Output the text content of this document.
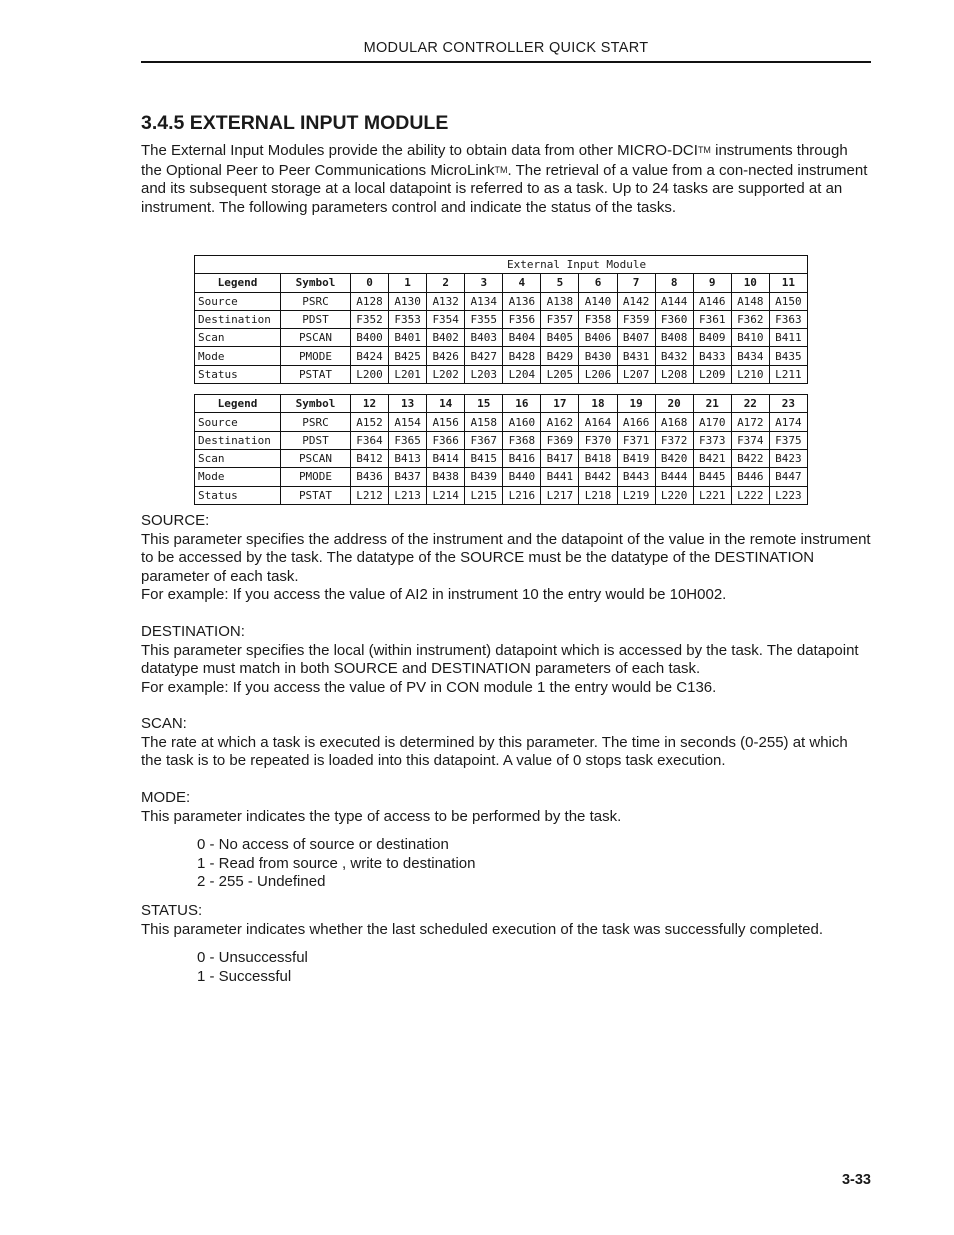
MODULAR CONTROLLER QUICK START
3.4.5 EXTERNAL INPUT MODULE

The External Input Modules provide the ability to obtain data from other MICRO-DCITM instruments through the Optional Peer to Peer Communications MicroLinkTM. The retrieval of a value from a con-nected instrument and its subsequent storage at a local datapoint is referred to as a task. Up to 24 tasks are supported at an instrument. The following parameters control and indicate the status of the tasks.

External Input Module													
Legend	Symbol	0	1	2	3	4	5	6	7	8	9	10	11
Source	PSRC	A128	A130	A132	A134	A136	A138	A140	A142	A144	A146	A148	A150
Destination	PDST	F352	F353	F354	F355	F356	F357	F358	F359	F360	F361	F362	F363
Scan	PSCAN	B400	B401	B402	B403	B404	B405	B406	B407	B408	B409	B410	B411
Mode	PMODE	B424	B425	B426	B427	B428	B429	B430	B431	B432	B433	B434	B435
Status	PSTAT	L200	L201	L202	L203	L204	L205	L206	L207	L208	L209	L210	L211
Legend	Symbol	12	13	14	15	16	17	18	19	20	21	22	23
Source	PSRC	A152	A154	A156	A158	A160	A162	A164	A166	A168	A170	A172	A174
Destination	PDST	F364	F365	F366	F367	F368	F369	F370	F371	F372	F373	F374	F375
Scan	PSCAN	B412	B413	B414	B415	B416	B417	B418	B419	B420	B421	B422	B423
Mode	PMODE	B436	B437	B438	B439	B440	B441	B442	B443	B444	B445	B446	B447
Status	PSTAT	L212	L213	L214	L215	L216	L217	L218	L219	L220	L221	L222	L223

SOURCE:

This parameter specifies the address of the instrument and the datapoint of the value in the remote instrument to be accessed by the task. The datatype of the SOURCE must be the datatype of the DESTINATION parameter of each task.

For example: If you access the value of AI2 in instrument 10 the entry would be 10H002.

DESTINATION:

This parameter specifies the local (within instrument) datapoint which is accessed by the task. The datapoint datatype must match in both SOURCE and DESTINATION parameters of each task.

For example: If you access the value of PV in CON module 1 the entry would be C136.

SCAN:

The rate at which a task is executed is determined by this parameter. The time in seconds (0-255) at which the task is to be repeated is loaded into this datapoint. A value of 0 stops task execution.

MODE:

This parameter indicates the type of access to be performed by the task.

0 - No access of source or destination
1 - Read from source , write to destination
2 - 255 - Undefined

STATUS:

This parameter indicates whether the last scheduled execution of the task was successfully completed.

0 - Unsuccessful
1 - Successful
3-33
